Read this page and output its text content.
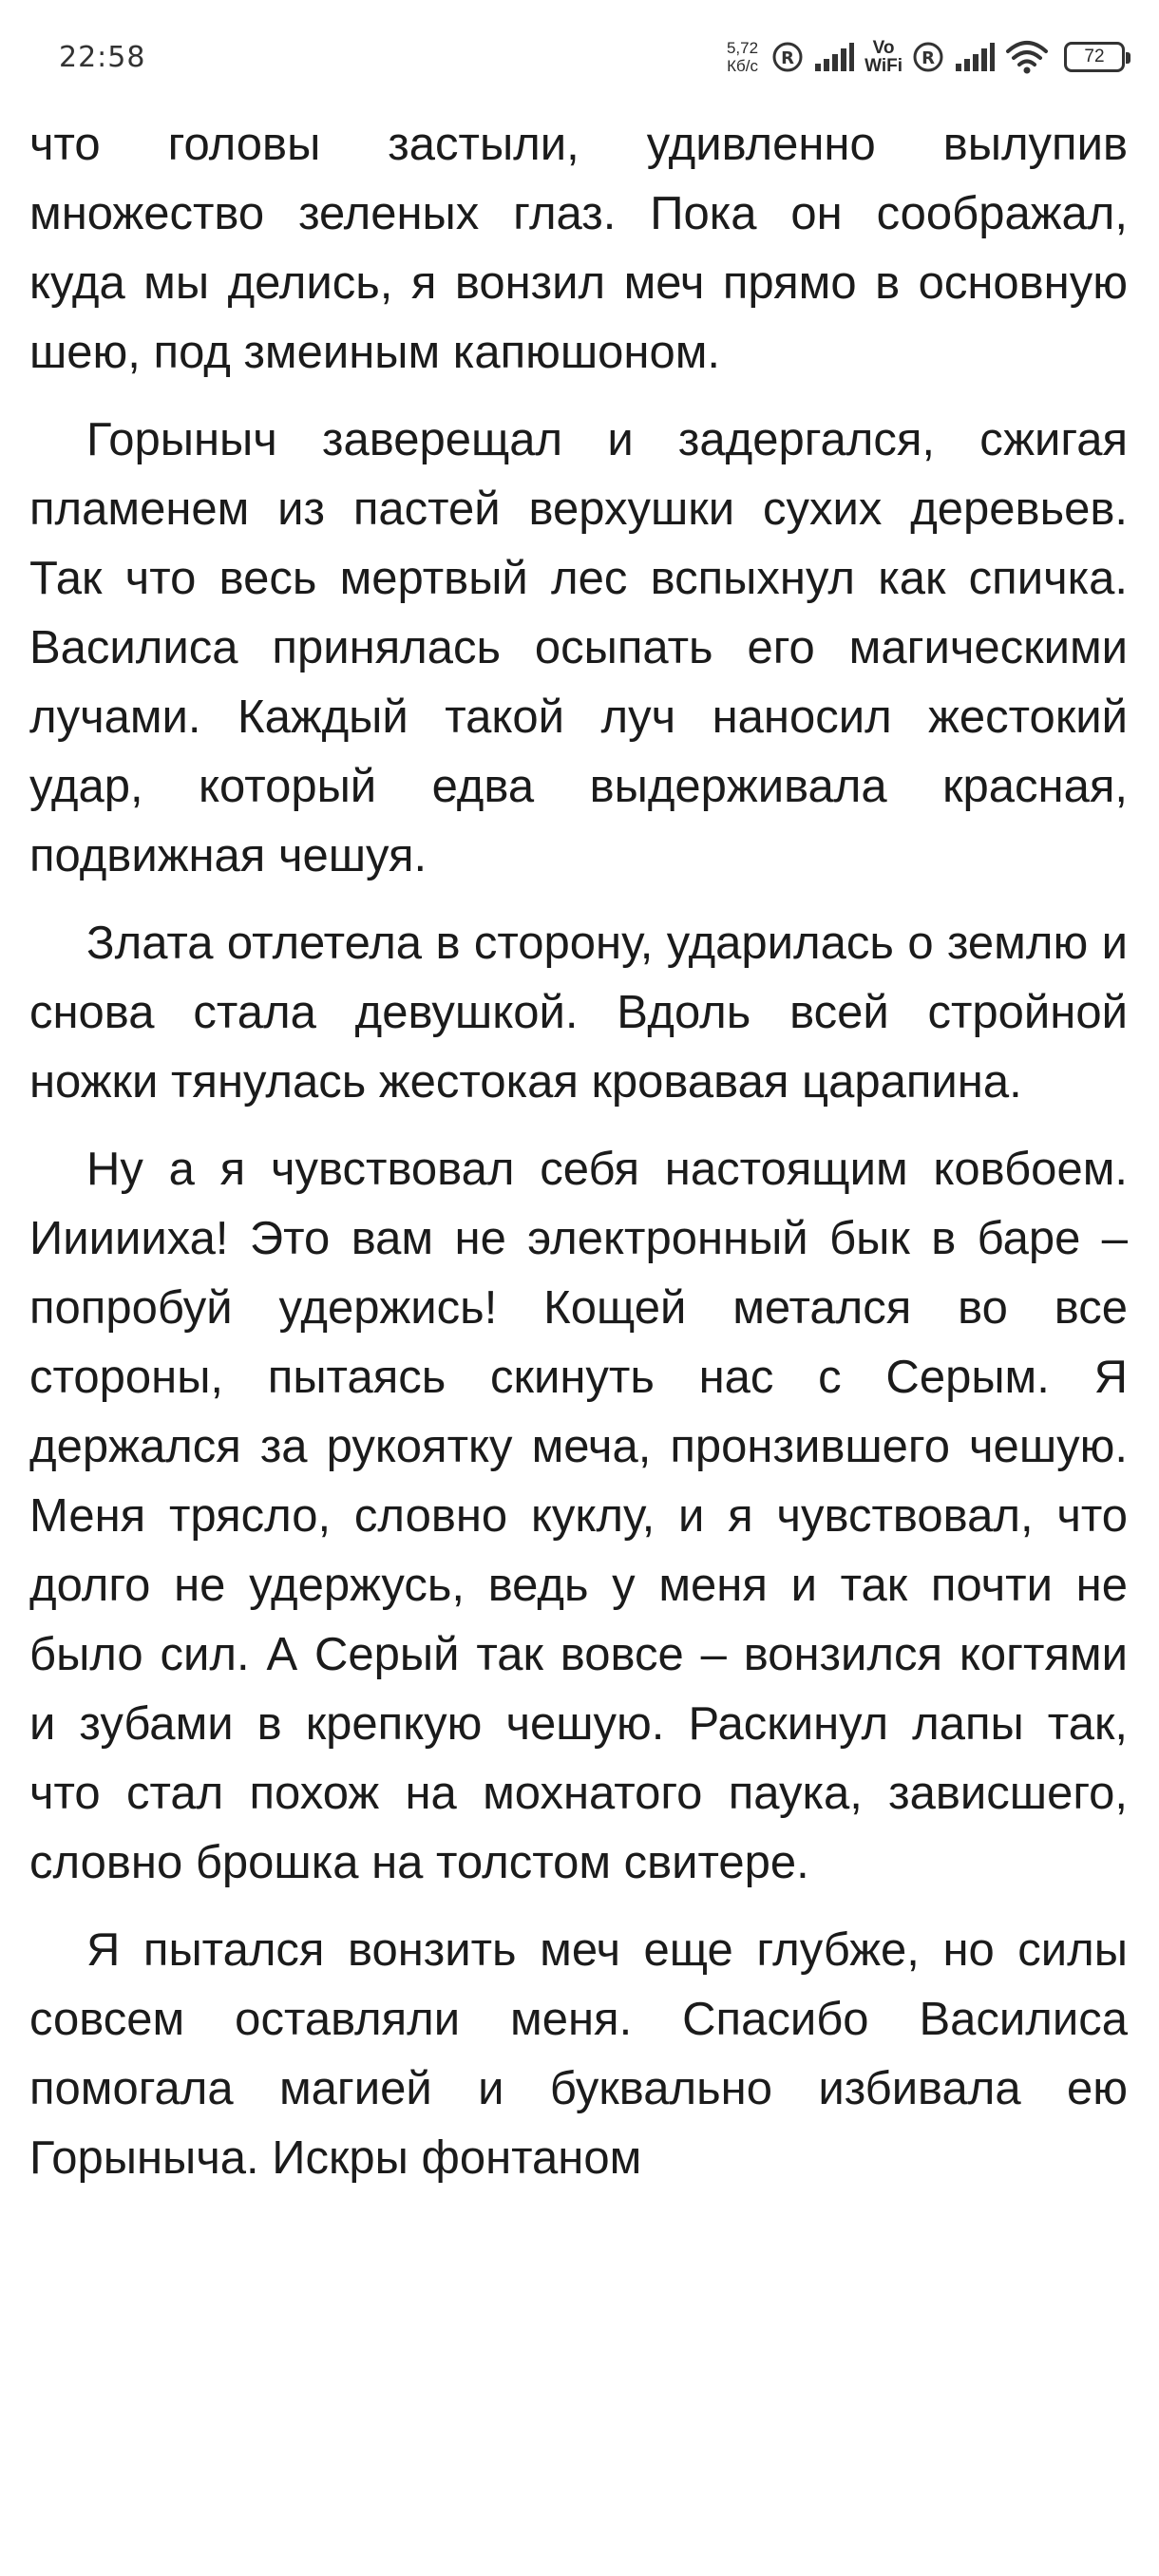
22:58	5,72
Кб/с R
Vo
WiFi R	72

что головы застыли, удивленно вылупив множество зеленых глаз. Пока он соображал, куда мы делись, я вонзил меч прямо в основную шею, под змеиным капюшоном.

Горыныч заверещал и задергался, сжигая пламенем из пастей верхушки сухих деревьев. Так что весь мертвый лес вспыхнул как спичка. Василиса принялась осыпать его магическими лучами. Каждый такой луч наносил жестокий удар, который едва выдерживала красная, подвижная чешуя.

Злата отлетела в сторону, ударилась о землю и снова стала девушкой. Вдоль всей стройной ножки тянулась жестокая кровавая царапина.

Ну а я чувствовал себя настоящим ковбоем. Иииииха! Это вам не электронный бык в баре – попробуй удержись! Кощей метался во все стороны, пытаясь скинуть нас с Серым. Я держался за рукоятку меча, пронзившего чешую. Меня трясло, словно куклу, и я чувствовал, что долго не удержусь, ведь у меня и так почти не было сил. А Серый так вовсе – вонзился когтями и зубами в крепкую чешую. Раскинул лапы так, что стал похож на мохнатого паука, зависшего, словно брошка на толстом свитере.

Я пытался вонзить меч еще глубже, но силы совсем оставляли меня. Спасибо Василиса помогала магией и буквально избивала ею Горыныча. Искры фонтаном
